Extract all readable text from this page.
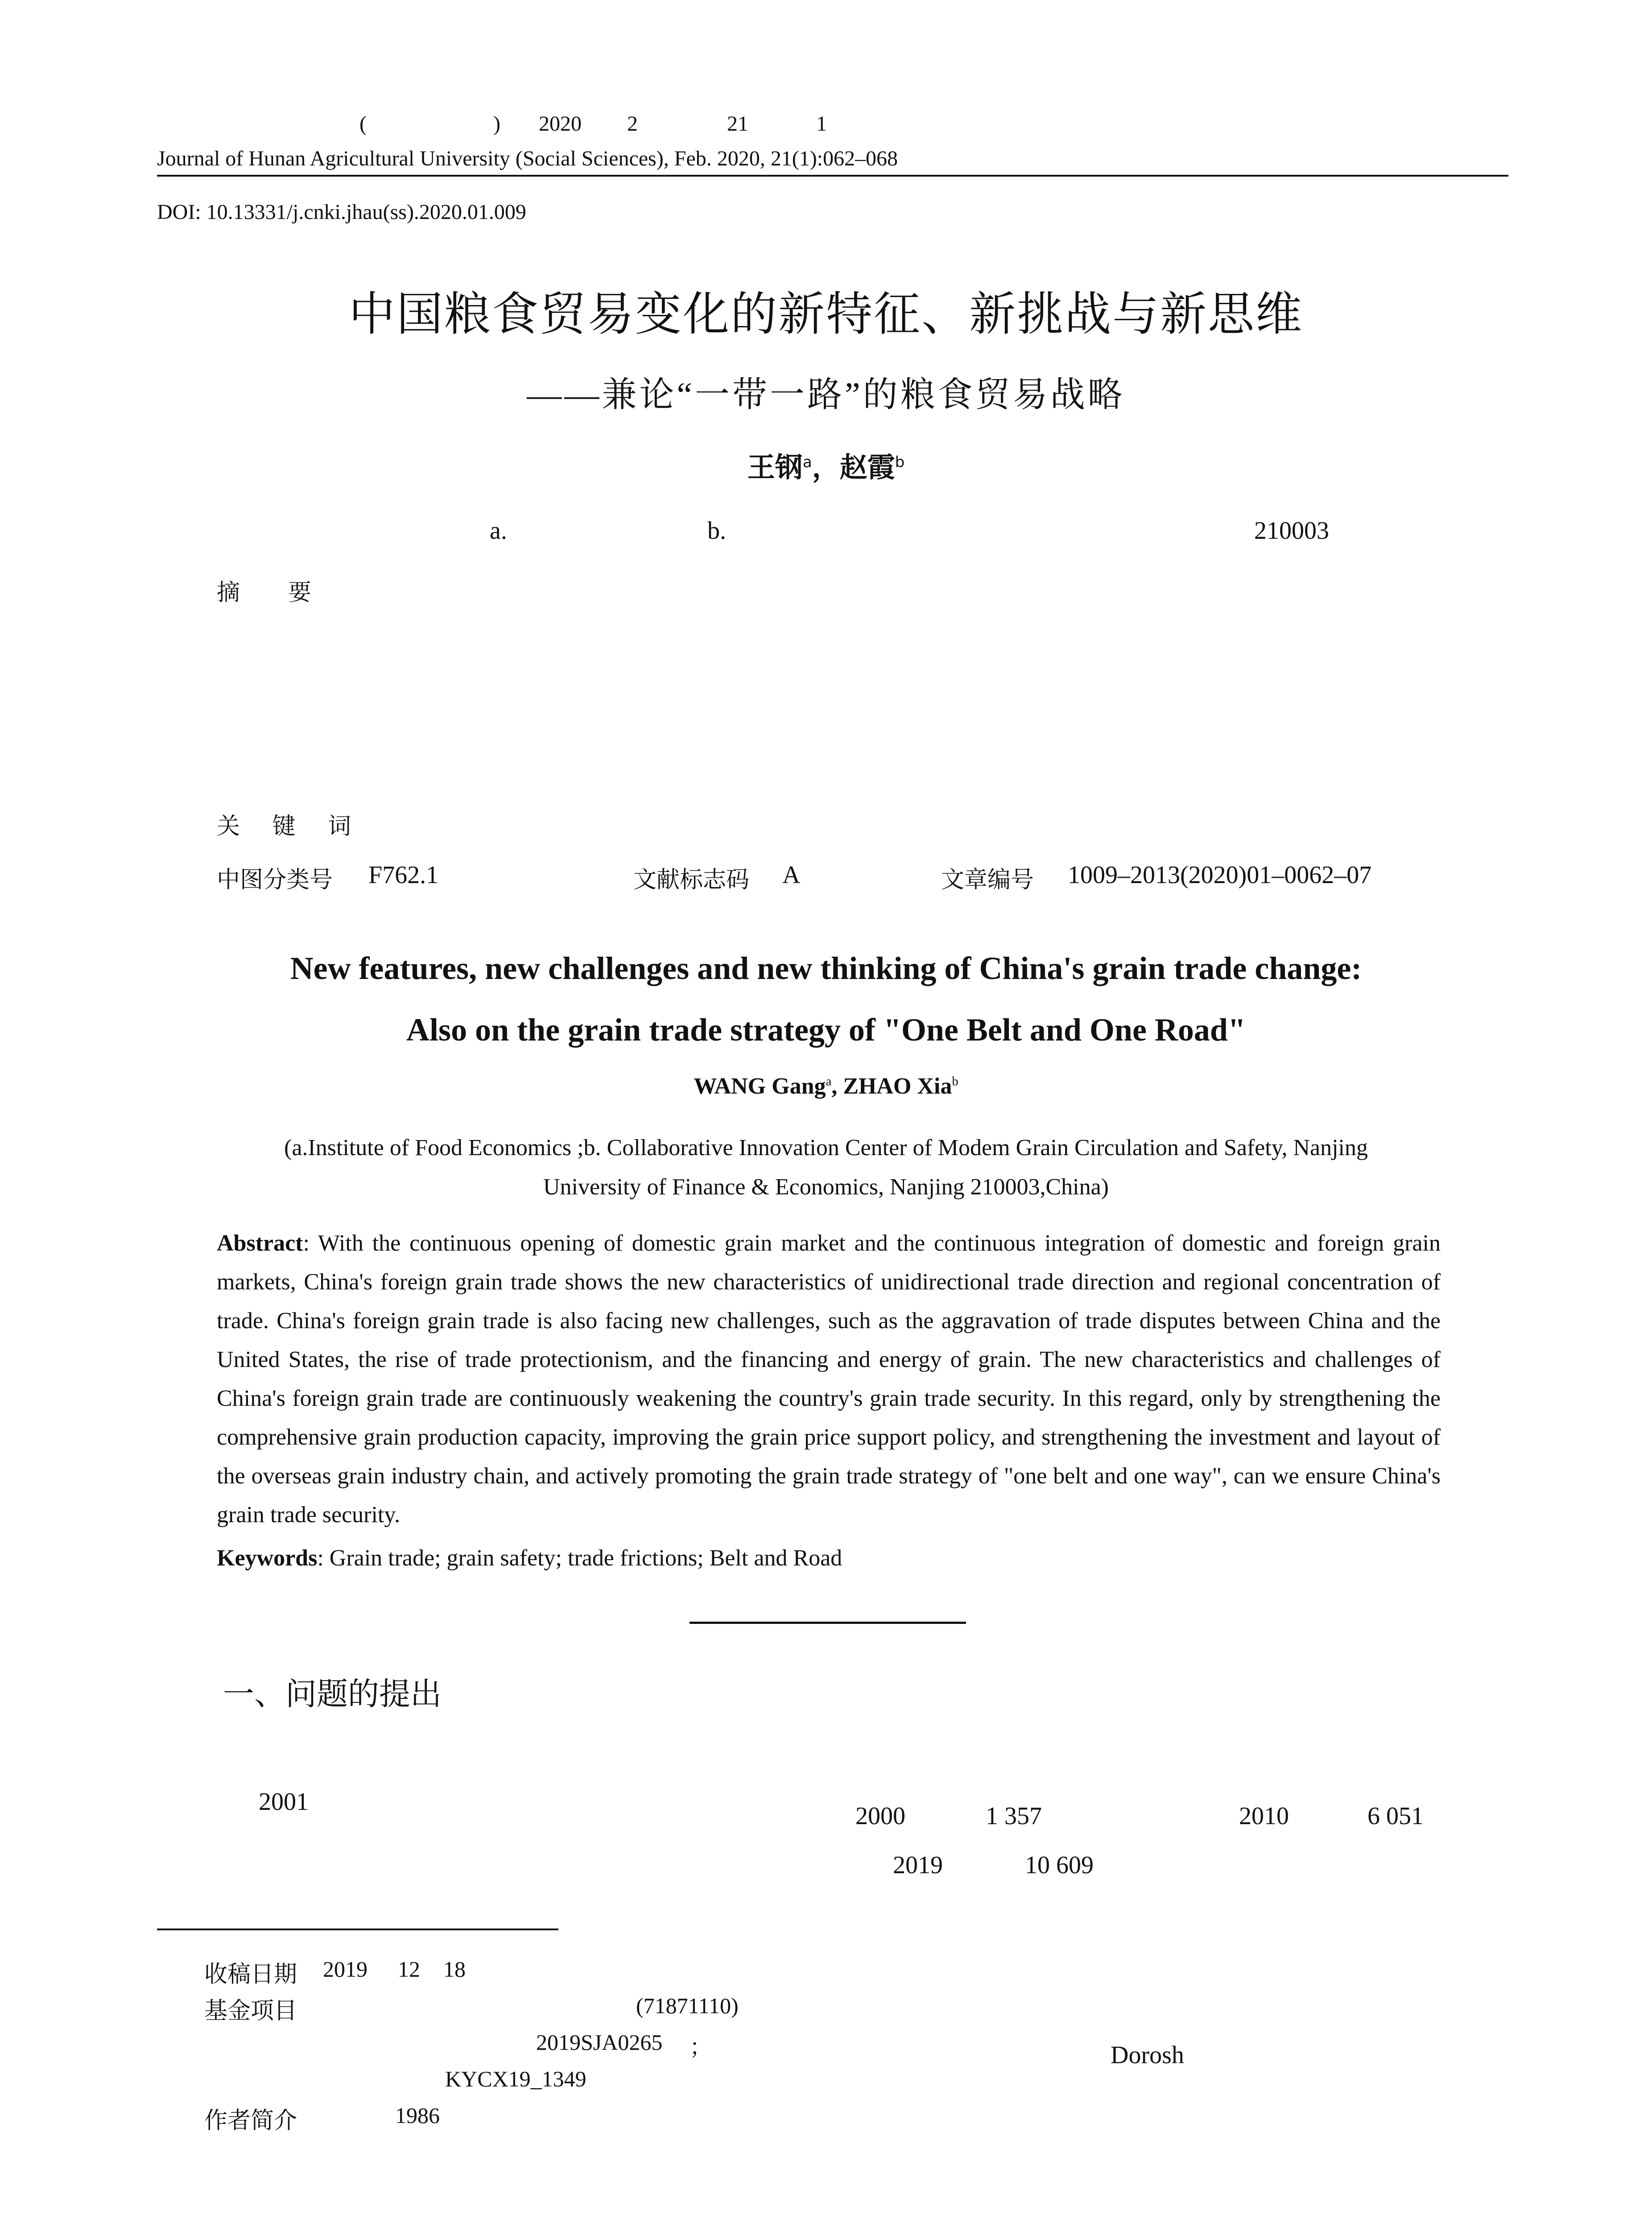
(	) 2020 2	21	1
Journal of Hunan Agricultural University (Social Sciences), Feb. 2020, 21(1):062–068
DOI: 10.13331/j.cnki.jhau(ss).2020.01.009
中国粮食贸易变化的新特征、新挑战与新思维
——兼论“一带一路”的粮食贸易战略
王钢$^a$，赵霞$^b$
a.	b.	210003
摘　要
关 键 词
中图分类号 F762.1	文献标志码 A	文章编号 1009–2013(2020)01–0062–07
New features, new challenges and new thinking of China's grain trade change:
Also on the grain trade strategy of "One Belt and One Road"
WANG Gang$^a$, ZHAO Xia$^b$
(a.Institute of Food Economics ;b. Collaborative Innovation Center of Modem Grain Circulation and Safety, Nanjing
University of Finance & Economics, Nanjing 210003,China)
Abstract: With the continuous opening of domestic grain market and the continuous integration of domestic and foreign grain markets, China's foreign grain trade shows the new characteristics of unidirectional trade direction and regional concentration of trade. China's foreign grain trade is also facing new challenges, such as the aggravation of trade disputes between China and the United States, the rise of trade protectionism, and the financing and energy of grain. The new characteristics and challenges of China's foreign grain trade are continuously weakening the country's grain trade security. In this regard, only by strengthening the comprehensive grain production capacity, improving the grain price support policy, and strengthening the investment and layout of the overseas grain industry chain, and actively promoting the grain trade strategy of "one belt and one way", can we ensure China's grain trade security.
Keywords: Grain trade; grain safety; trade frictions; Belt and Road
一、问题的提出
2001
2000	1 357	2010	6 051
2019	10 609
收稿日期 2019 12 18
基金项目	(71871110)
2019SJA0265 ；
KYCX19_1349
作者简介	1986
Dorosh
